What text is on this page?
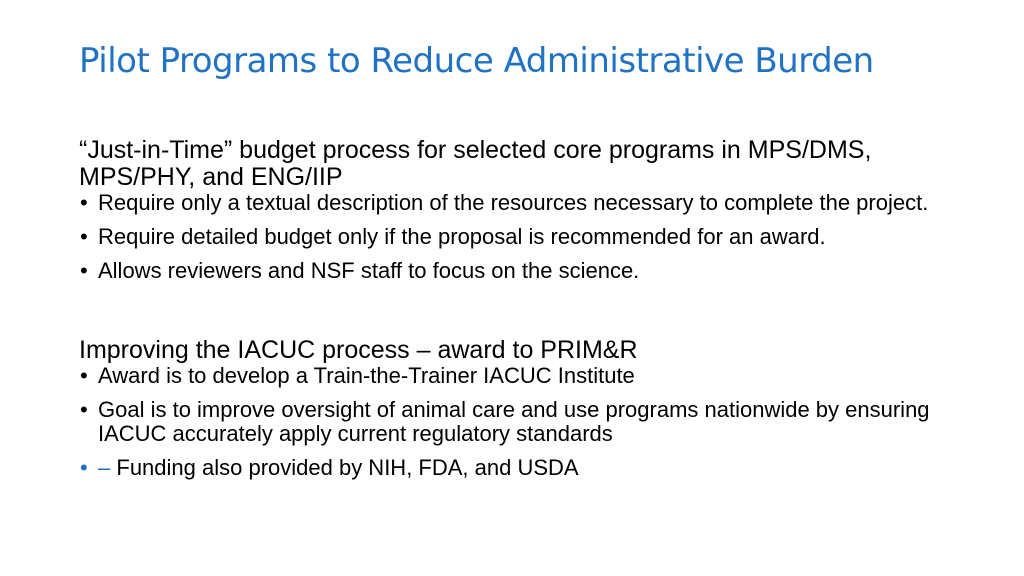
Pilot Programs to Reduce Administrative Burden
“Just-in-Time” budget process for selected core programs in MPS/DMS, MPS/PHY, and ENG/IIP
• Require only a textual description of the resources necessary to complete the project.
• Require detailed budget only if the proposal is recommended for an award.
• Allows reviewers and NSF staff to focus on the science.
Improving the IACUC process – award to PRIM&R
• Award is to develop a Train-the-Trainer IACUC Institute
• Goal is to improve oversight of animal care and use programs nationwide by ensuring IACUC accurately apply current regulatory standards
• – Funding also provided by NIH, FDA, and USDA
